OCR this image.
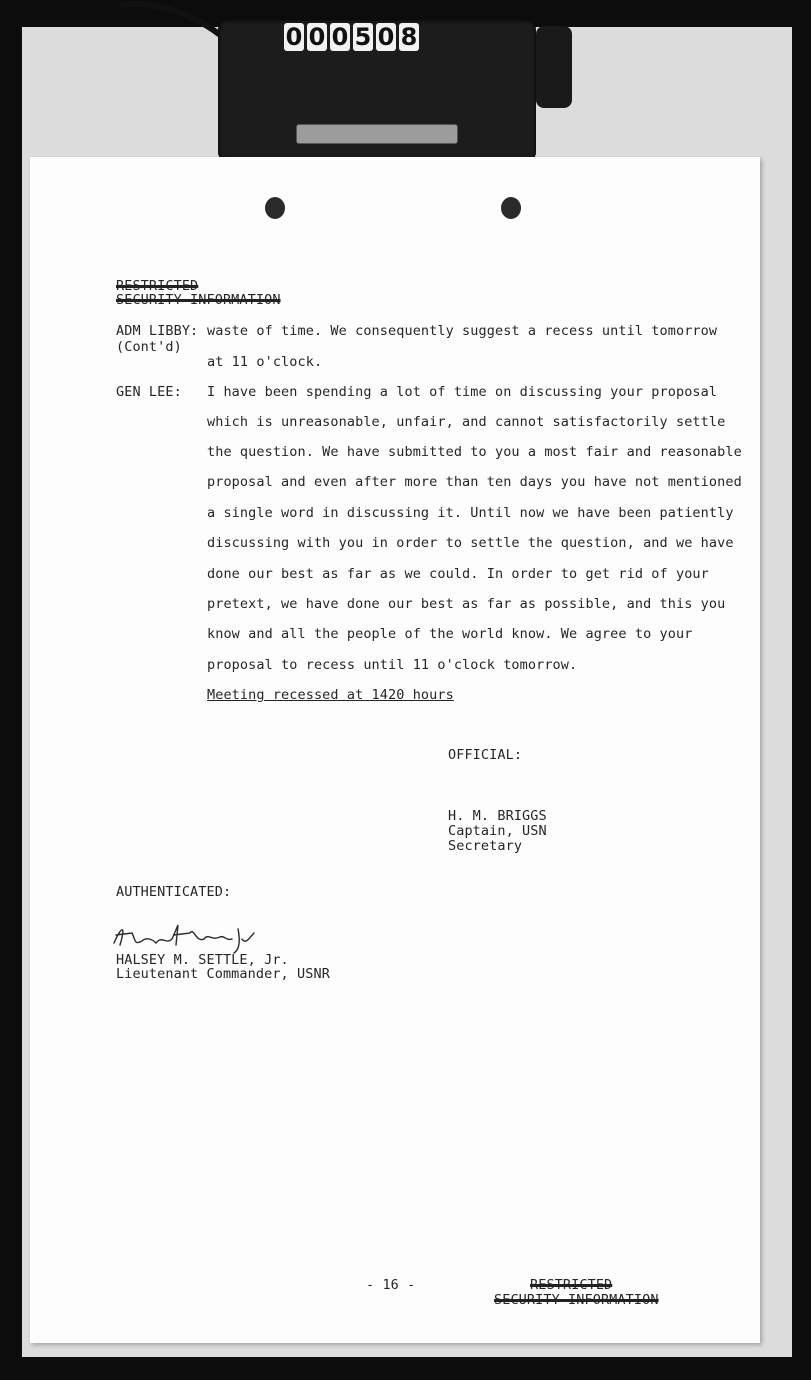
0 0 0 5 0 8
RESTRICTED
SECURITY INFORMATION
ADM LIBBY:
(Cont'd)
waste of time. We consequently suggest a recess until tomorrow
at 11 o'clock.
GEN LEE: I have been spending a lot of time on discussing your proposal
which is unreasonable, unfair, and cannot satisfactorily settle
the question. We have submitted to you a most fair and reasonable
proposal and even after more than ten days you have not mentioned
a single word in discussing it. Until now we have been patiently
discussing with you in order to settle the question, and we have
done our best as far as we could. In order to get rid of your
pretext, we have done our best as far as possible, and this you
know and all the people of the world know. We agree to your
proposal to recess until 11 o'clock tomorrow.
Meeting recessed at 1420 hours
OFFICIAL:
H. M. BRIGGS
Captain, USN
Secretary
AUTHENTICATED:
HALSEY M. SETTLE, Jr.
Lieutenant Commander, USNR
- 16 -	RESTRICTED
SECURITY INFORMATION
